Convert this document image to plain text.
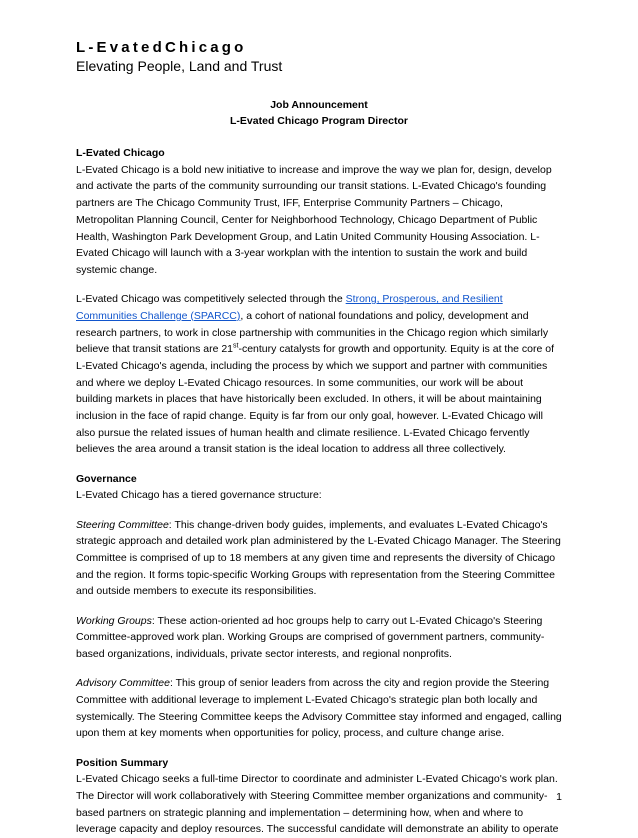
L-EvatedChicago

Elevating People, Land and Trust

Job Announcement
L-Evated Chicago Program Director

L-Evated Chicago
L-Evated Chicago is a bold new initiative to increase and improve the way we plan for, design, develop and activate the parts of the community surrounding our transit stations. L-Evated Chicago's founding partners are The Chicago Community Trust, IFF, Enterprise Community Partners – Chicago, Metropolitan Planning Council, Center for Neighborhood Technology, Chicago Department of Public Health, Washington Park Development Group, and Latin United Community Housing Association. L-Evated Chicago will launch with a 3-year workplan with the intention to sustain the work and build systemic change.

L-Evated Chicago was competitively selected through the Strong, Prosperous, and Resilient Communities Challenge (SPARCC), a cohort of national foundations and policy, development and research partners, to work in close partnership with communities in the Chicago region which similarly believe that transit stations are 21st-century catalysts for growth and opportunity. Equity is at the core of L-Evated Chicago's agenda, including the process by which we support and partner with communities and where we deploy L-Evated Chicago resources. In some communities, our work will be about building markets in places that have historically been excluded. In others, it will be about maintaining inclusion in the face of rapid change. Equity is far from our only goal, however. L-Evated Chicago will also pursue the related issues of human health and climate resilience. L-Evated Chicago fervently believes the area around a transit station is the ideal location to address all three collectively.

Governance
L-Evated Chicago has a tiered governance structure:

Steering Committee: This change-driven body guides, implements, and evaluates L-Evated Chicago's strategic approach and detailed work plan administered by the L-Evated Chicago Manager. The Steering Committee is comprised of up to 18 members at any given time and represents the diversity of Chicago and the region. It forms topic-specific Working Groups with representation from the Steering Committee and outside members to execute its responsibilities.

Working Groups: These action-oriented ad hoc groups help to carry out L-Evated Chicago's Steering Committee-approved work plan. Working Groups are comprised of government partners, community-based organizations, individuals, private sector interests, and regional nonprofits.

Advisory Committee: This group of senior leaders from across the city and region provide the Steering Committee with additional leverage to implement L-Evated Chicago's strategic plan both locally and systemically. The Steering Committee keeps the Advisory Committee stay informed and engaged, calling upon them at key moments when opportunities for policy, process, and culture change arise.

Position Summary
L-Evated Chicago seeks a full-time Director to coordinate and administer L-Evated Chicago's work plan. The Director will work collaboratively with Steering Committee member organizations and community-based partners on strategic planning and implementation – determining how, when and where to leverage capacity and deploy resources. The successful candidate will demonstrate an ability to operate

1
